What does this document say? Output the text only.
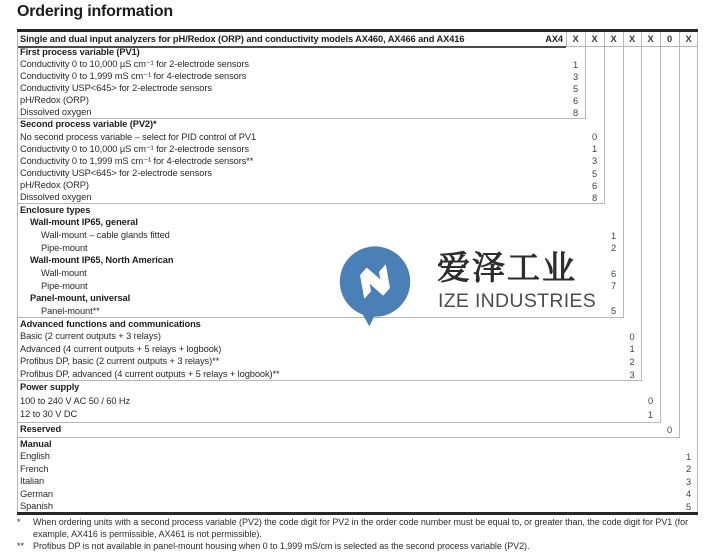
Ordering information
Single and dual input analyzers for pH/Redox (ORP) and conductivity models AX460, AX466 and AX416	AX4	X	X	X	X	X	0	X
First process variable (PV1)
Conductivity 0 to 10,000 µS cm⁻¹ for 2-electrode sensors	1
Conductivity 0 to 1,999 mS cm⁻¹ for 4-electrode sensors	3
Conductivity USP<645> for 2-electrode sensors	5
pH/Redox (ORP)	6
Dissolved oxygen	8
Second process variable (PV2)*
No second process variable – select for PID control of PV1	0
Conductivity 0 to 10,000 µS cm⁻¹ for 2-electrode sensors	1
Conductivity 0 to 1,999 mS cm⁻¹ for 4-electrode sensors**	3
Conductivity USP<645> for 2-electrode sensors	5
pH/Redox (ORP)	6
Dissolved oxygen	8
Enclosure types
Wall-mount IP65, general
Wall-mount – cable glands fitted	1
Pipe-mount	2
Wall-mount IP65, North American
Wall-mount	6
Pipe-mount	7
Panel-mount, universal
Panel-mount**	5
Advanced functions and communications
Basic (2 current outputs + 3 relays)	0
Advanced (4 current outputs + 5 relays + logbook)	1
Profibus DP, basic (2 current outputs + 3 relays)**	2
Profibus DP, advanced (4 current outputs + 5 relays + logbook)**	3
Power supply
100 to 240 V AC 50 / 60 Hz	0
12 to 30 V DC	1
Reserved	0
Manual
English	1
French	2
Italian	3
German	4
Spanish	5
*	When ordering units with a second process variable (PV2) the code digit for PV2 in the order code number must be equal to, or greater than, the code digit for PV1 (for example, AX416 is permissible, AX461 is not permissible).
**	Profibus DP is not available in panel-mount housing when 0 to 1,999 mS/cm is selected as the second process variable (PV2).
爱泽工业
IZE INDUSTRIES
